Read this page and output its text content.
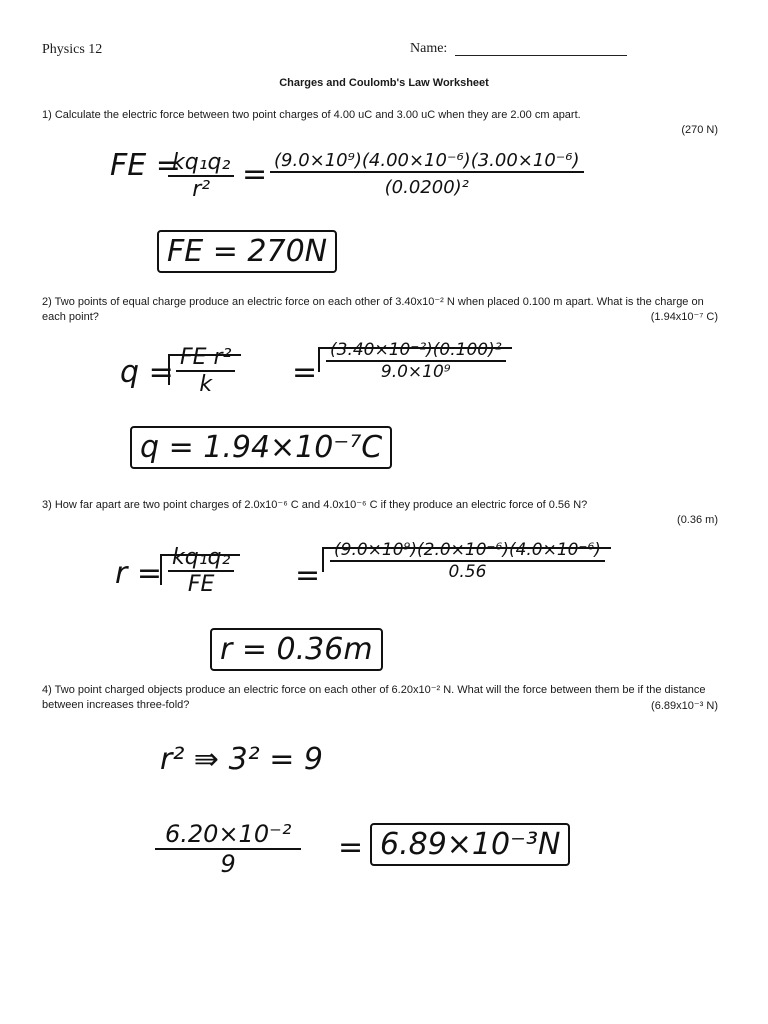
Physics 12	Name:
Charges and Coulomb's Law Worksheet
1) Calculate the electric force between two point charges of 4.00 uC and 3.00 uC when they are 2.00 cm apart.
(270 N)
FE =
$\frac{\text{kq₁q₂}}{\text{r²}} = \frac{\text{(9.0×10⁹)(4.00×10⁻⁶)(3.00×10⁻⁶)}}{\text{(0.0200)²}}$
FE = 270N
2) Two points of equal charge produce an electric force on each other of 3.40x10⁻² N when placed 0.100 m apart. What is the charge on each point?	(1.94x10⁻⁷ C)
$q = \frac{\text{FE r²}}{k} = \frac{\text{(3.40×10⁻²)(0.100)²}}{\text{9.0×10⁹}}$
q = 1.94×10⁻⁷C
3) How far apart are two point charges of 2.0x10⁻⁶ C and 4.0x10⁻⁶ C if they produce an electric force of 0.56 N?
(0.36 m)
$r = \frac{\text{kq₁q₂}}{FE} = \frac{\text{(9.0×10⁹)(2.0×10⁻⁶)(4.0×10⁻⁶)}}{0.56}$
r = 0.36m
4) Two point charged objects produce an electric force on each other of 6.20x10⁻² N. What will the force between them be if the distance between increases three-fold?	(6.89x10⁻³ N)
r² ⇛ 3² = 9
$\frac{\text{6.20×10⁻²}}{9} = 6.89\times 10^{-3}N$
